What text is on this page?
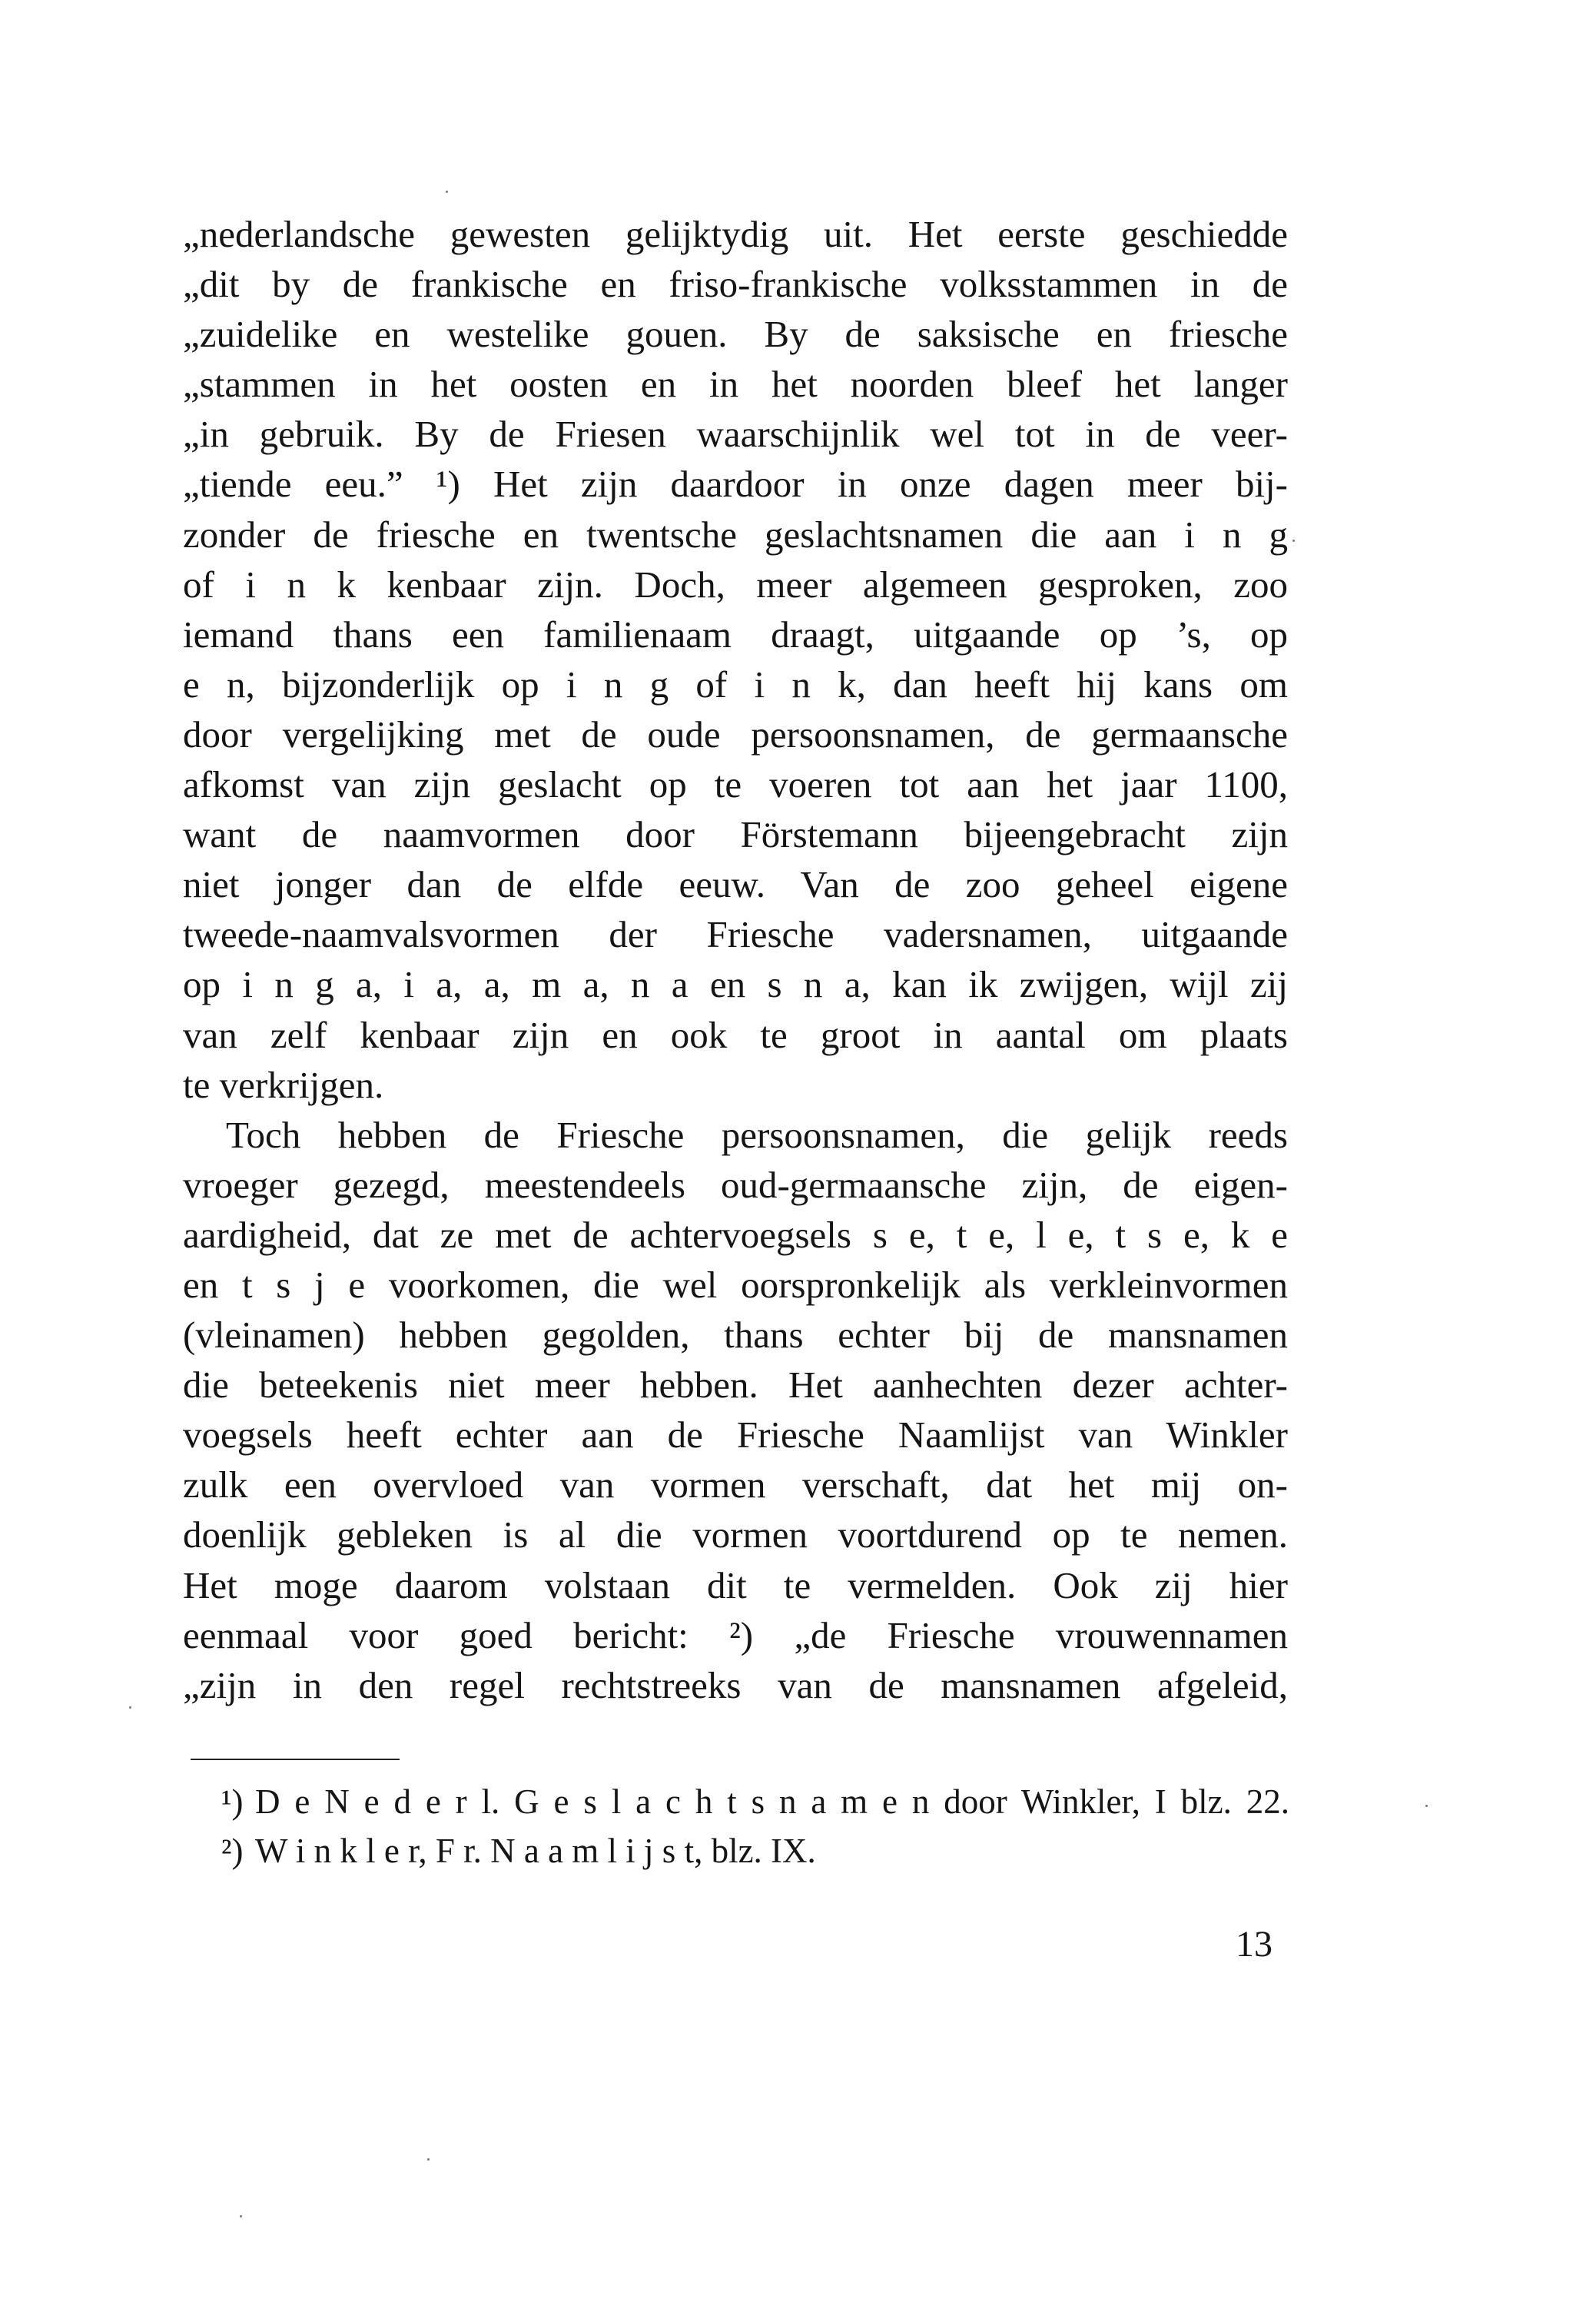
„nederlandsche gewesten gelijktydig uit. Het eerste geschiedde
„dit by de frankische en friso-frankische volksstammen in de
„zuidelike en westelike gouen. By de saksische en friesche
„stammen in het oosten en in het noorden bleef het langer
„in gebruik. By de Friesen waarschijnlik wel tot in de veer-
„tiende eeu.” ¹) Het zijn daardoor in onze dagen meer bij-
zonder de friesche en twentsche geslachtsnamen die aan i n g
of i n k kenbaar zijn. Doch, meer algemeen gesproken, zoo
iemand thans een familienaam draagt, uitgaande op ’s, op
e n, bijzonderlijk op i n g of i n k, dan heeft hij kans om
door vergelijking met de oude persoonsnamen, de germaansche
afkomst van zijn geslacht op te voeren tot aan het jaar 1100,
want de naamvormen door Förstemann bijeengebracht zijn
niet jonger dan de elfde eeuw. Van de zoo geheel eigene
tweede-naamvalsvormen der Friesche vadersnamen, uitgaande
op i n g a, i a, a, m a, n a en s n a, kan ik zwijgen, wijl zij
van zelf kenbaar zijn en ook te groot in aantal om plaats
te verkrijgen.
Toch hebben de Friesche persoonsnamen, die gelijk reeds
vroeger gezegd, meestendeels oud-germaansche zijn, de eigen-
aardigheid, dat ze met de achtervoegsels s e, t e, l e, t s e, k e
en t s j e voorkomen, die wel oorspronkelijk als verkleinvormen
(vleinamen) hebben gegolden, thans echter bij de mansnamen
die beteekenis niet meer hebben. Het aanhechten dezer achter-
voegsels heeft echter aan de Friesche Naamlijst van Winkler
zulk een overvloed van vormen verschaft, dat het mij on-
doenlijk gebleken is al die vormen voortdurend op te nemen.
Het moge daarom volstaan dit te vermelden. Ook zij hier
eenmaal voor goed bericht: ²) „de Friesche vrouwennamen
„zijn in den regel rechtstreeks van de mansnamen afgeleid,
¹) D e N e d e r l. G e s l a c h t s n a m e n door Winkler, I blz. 22.
²) W i n k l e r, F r. N a a m l i j s t, blz. IX.
13
